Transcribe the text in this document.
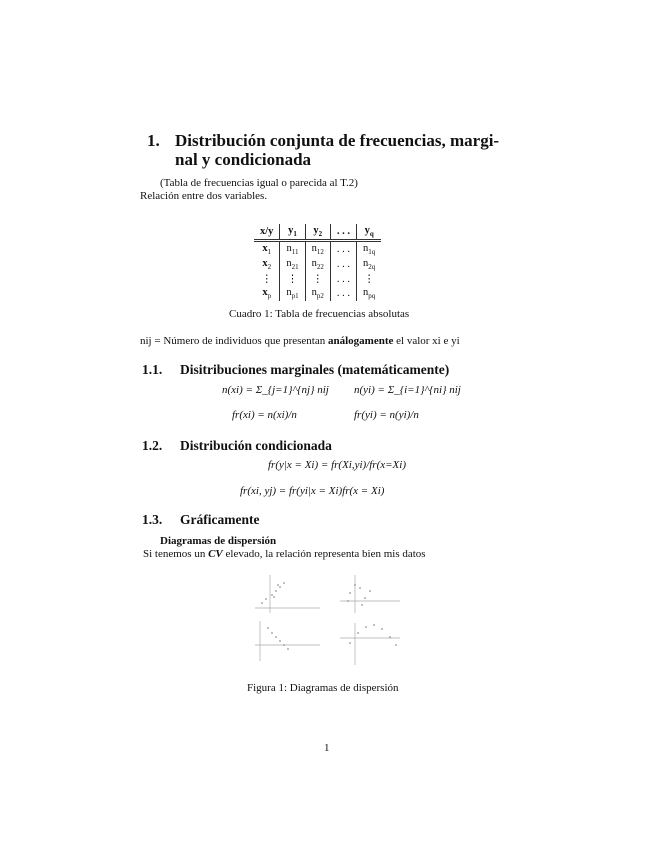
1. Distribución conjunta de frecuencias, margi-
nal y condicionada
(Tabla de frecuencias igual o parecida al T.2)
Relación entre dos variables.
x/y	$y_1$	$y_2$	. . .	$y_q$
$x_1$	$n_{11}$	$n_{12}$	. . .	$n_{1q}$
$x_2$	$n_{21}$	$n_{22}$	. . .	$n_{2q}$
⋮	⋮	⋮	. . .	⋮
$x_p$	$n_{p1}$	$n_{p2}$	. . .	$n_{pq}$
Cuadro 1: Tabla de frecuencias absolutas
nij = Número de individuos que presentan análogamente el valor xi e yi
1.1. Disitribuciones marginales (matemáticamente)
n(xi) = Σ_{j=1}^{nj} nij n(yi) = Σ_{i=1}^{ni} nij
fr(xi) = n(xi)/n	fr(yi) = n(yi)/n
1.2. Distribución condicionada
fr(y|x = Xi) = fr(Xi,yi)/fr(x=Xi)
fr(xi, yj) = fr(yi|x = Xi)fr(x = Xi)
1.3. Gráficamente
Diagramas de dispersión
Si tenemos un CV elevado, la relación representa bien mis datos
Figura 1: Diagramas de dispersión
1
